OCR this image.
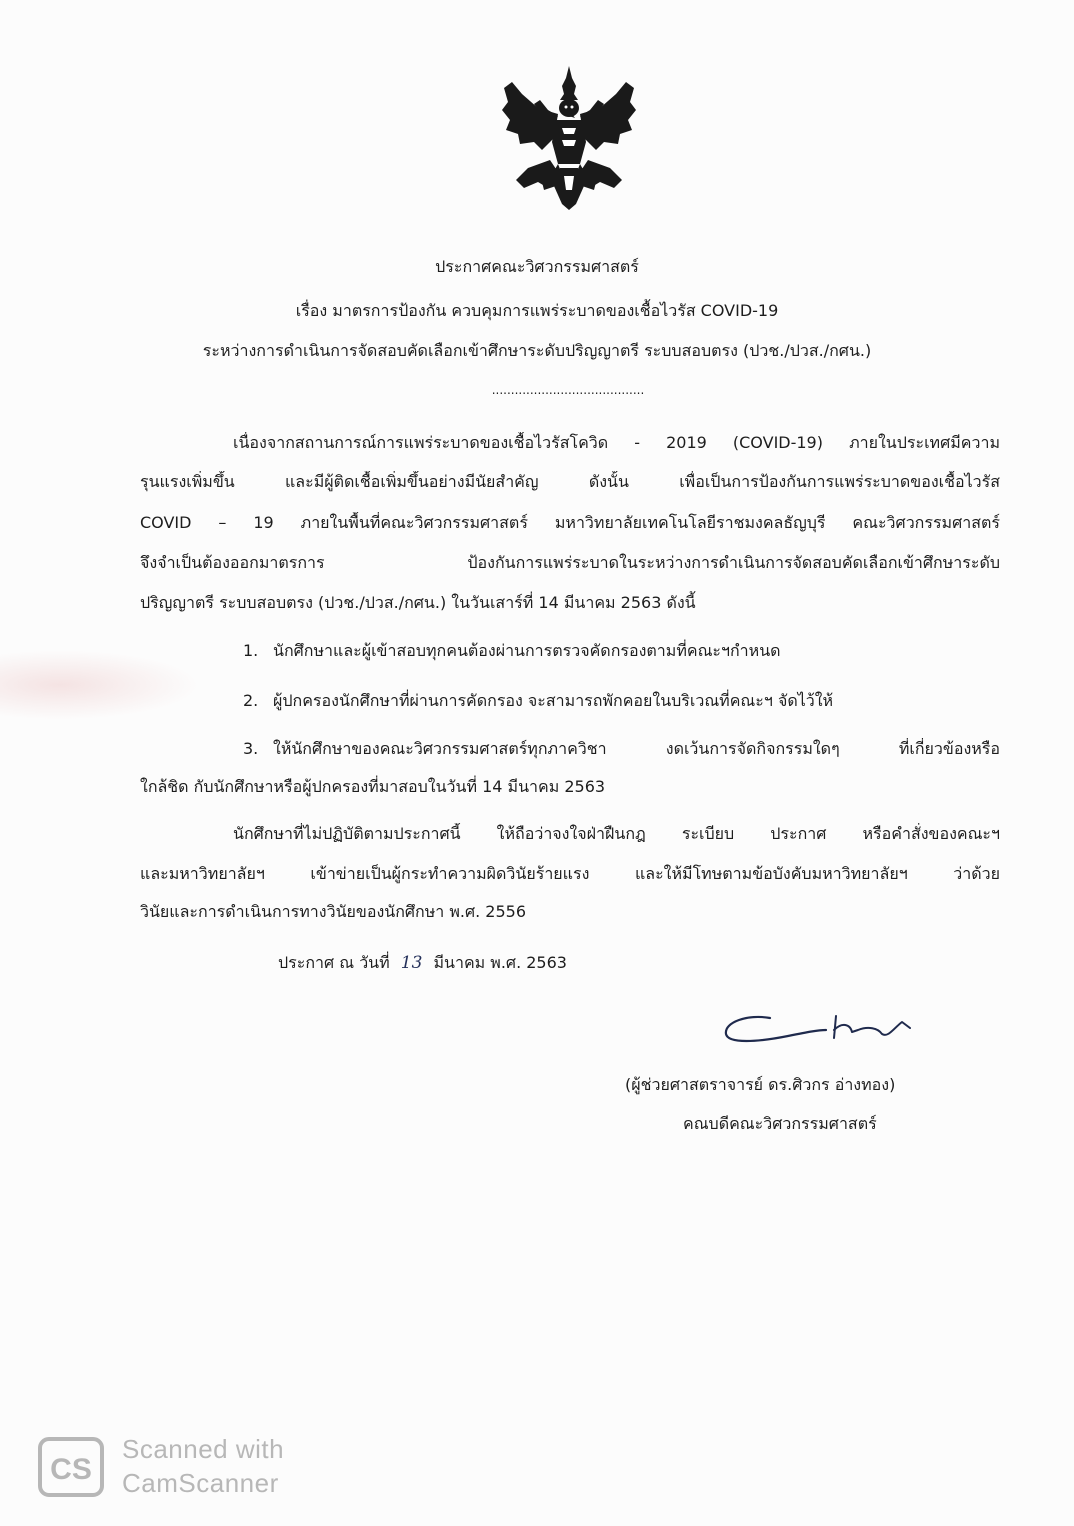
ประกาศคณะวิศวกรรมศาสตร์
เรื่อง มาตรการป้องกัน ควบคุมการแพร่ระบาดของเชื้อไวรัส COVID-19
ระหว่างการดำเนินการจัดสอบคัดเลือกเข้าศึกษาระดับปริญญาตรี ระบบสอบตรง (ปวช./ปวส./กศน.)
........................................
เนื่องจากสถานการณ์การแพร่ระบาดของเชื้อไวรัสโควิด - 2019 (COVID-19) ภายในประเทศมีความ
รุนแรงเพิ่มขึ้น และมีผู้ติดเชื้อเพิ่มขึ้นอย่างมีนัยสำคัญ ดังนั้น เพื่อเป็นการป้องกันการแพร่ระบาดของเชื้อไวรัส
COVID – 19 ภายในพื้นที่คณะวิศวกรรมศาสตร์ มหาวิทยาลัยเทคโนโลยีราชมงคลธัญบุรี คณะวิศวกรรมศาสตร์
จึงจำเป็นต้องออกมาตรการ ป้องกันการแพร่ระบาดในระหว่างการดำเนินการจัดสอบคัดเลือกเข้าศึกษาระดับ
ปริญญาตรี ระบบสอบตรง (ปวช./ปวส./กศน.) ในวันเสาร์ที่ 14 มีนาคม 2563 ดังนี้
1. นักศึกษาและผู้เข้าสอบทุกคนต้องผ่านการตรวจคัดกรองตามที่คณะฯกำหนด
2. ผู้ปกครองนักศึกษาที่ผ่านการคัดกรอง จะสามารถพักคอยในบริเวณที่คณะฯ จัดไว้ให้
3. ให้นักศึกษาของคณะวิศวกรรมศาสตร์ทุกภาควิชา งดเว้นการจัดกิจกรรมใดๆ ที่เกี่ยวข้องหรือ
ใกล้ชิด กับนักศึกษาหรือผู้ปกครองที่มาสอบในวันที่ 14 มีนาคม 2563
นักศึกษาที่ไม่ปฏิบัติตามประกาศนี้ ให้ถือว่าจงใจฝ่าฝืนกฎ ระเบียบ ประกาศ หรือคำสั่งของคณะฯ
และมหาวิทยาลัยฯ เข้าข่ายเป็นผู้กระทำความผิดวินัยร้ายแรง และให้มีโทษตามข้อบังคับมหาวิทยาลัยฯ ว่าด้วย
วินัยและการดำเนินการทางวินัยของนักศึกษา พ.ศ. 2556
ประกาศ ณ วันที่ 13 มีนาคม พ.ศ. 2563
(ผู้ช่วยศาสตราจารย์ ดร.ศิวกร อ่างทอง)
คณบดีคณะวิศวกรรมศาสตร์
CS
Scanned with
CamScanner
